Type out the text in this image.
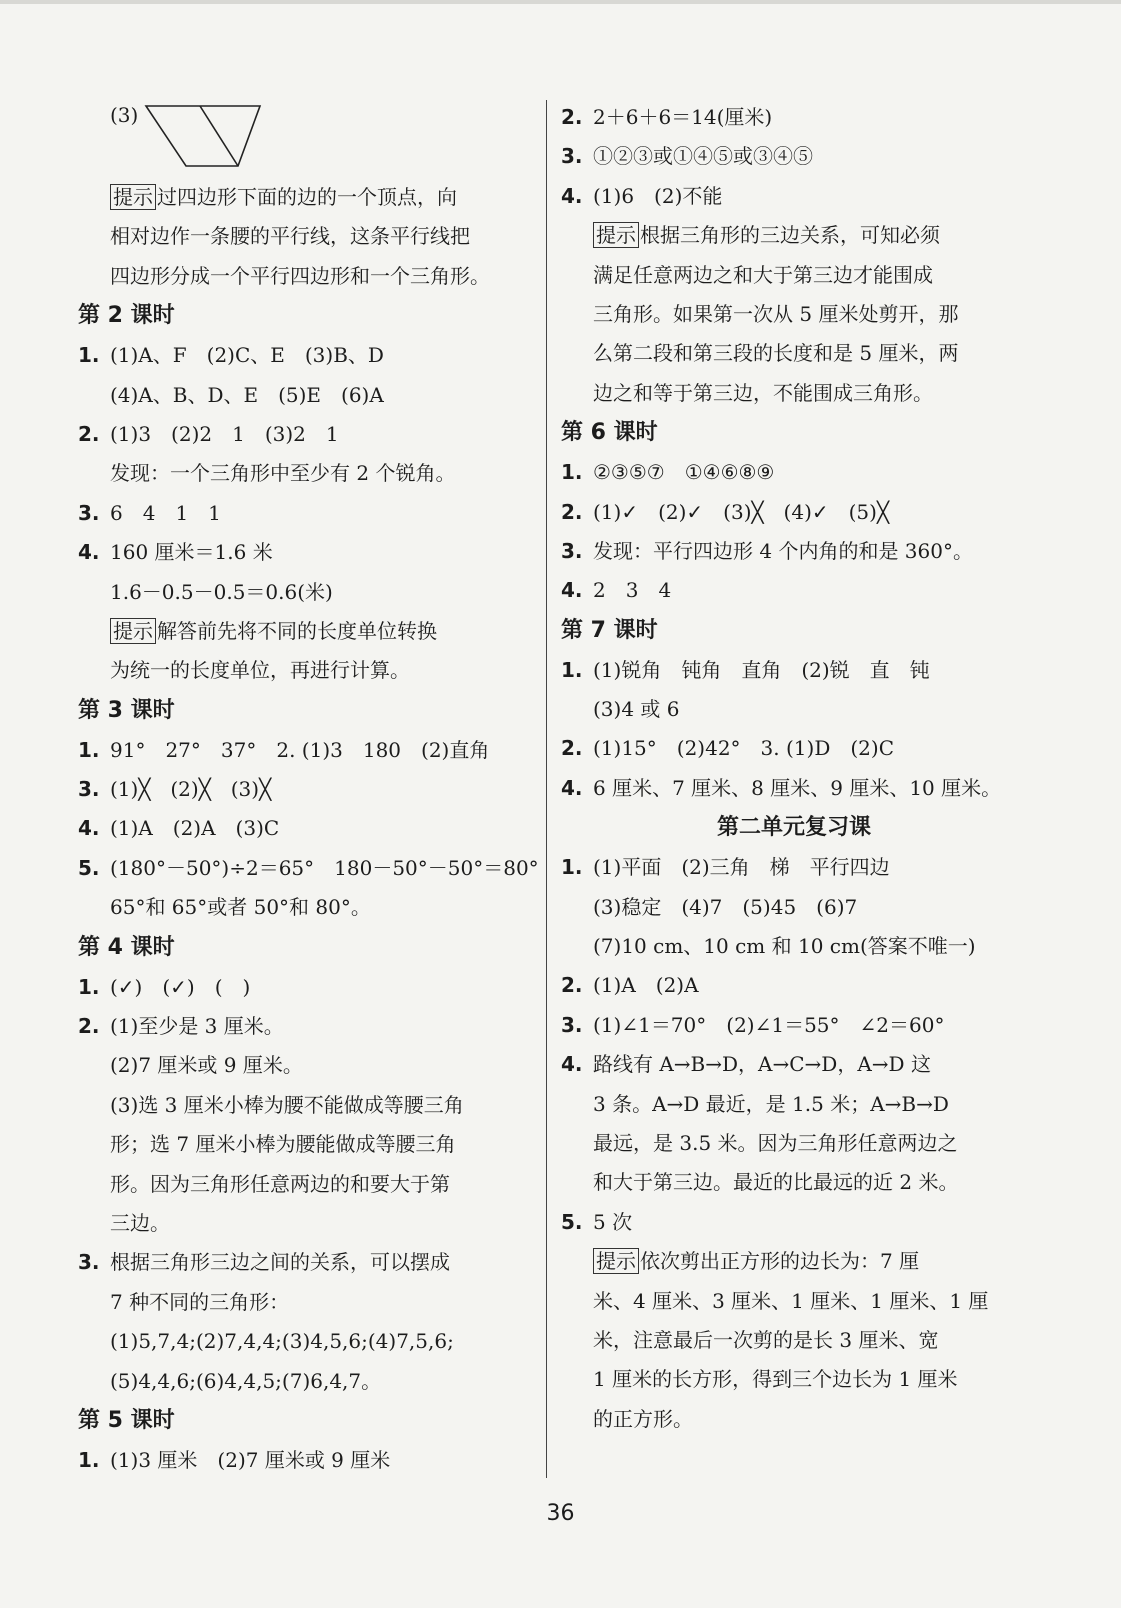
(3)
提示 过四边形下面的边的一个顶点，向
相对边作一条腰的平行线，这条平行线把
四边形分成一个平行四边形和一个三角形。
第 2 课时
1. (1)A、F　(2)C、E　(3)B、D
(4)A、B、D、E　(5)E　(6)A
2. (1)3　(2)2　1　(3)2　1
发现：一个三角形中至少有 2 个锐角。
3. 6　4　1　1
4. 160 厘米＝1.6 米
1.6－0.5－0.5＝0.6(米)
提示 解答前先将不同的长度单位转换
为统一的长度单位，再进行计算。
第 3 课时
1. 91°　27°　37°　2. (1)3　180　(2)直角
3. (1)╳　(2)╳　(3)╳
4. (1)A　(2)A　(3)C
5. (180°－50°)÷2＝65°　180－50°－50°＝80°
65°和 65°或者 50°和 80°。
第 4 课时
1. (✓)　(✓)　(　)
2. (1)至少是 3 厘米。
(2)7 厘米或 9 厘米。
(3)选 3 厘米小棒为腰不能做成等腰三角
形；选 7 厘米小棒为腰能做成等腰三角
形。因为三角形任意两边的和要大于第
三边。
3. 根据三角形三边之间的关系，可以摆成
7 种不同的三角形：
(1)5,7,4;(2)7,4,4;(3)4,5,6;(4)7,5,6;
(5)4,4,6;(6)4,4,5;(7)6,4,7。
第 5 课时
1. (1)3 厘米　(2)7 厘米或 9 厘米
2. 2＋6＋6＝14(厘米)
3. ①②③或①④⑤或③④⑤
4. (1)6　(2)不能
提示 根据三角形的三边关系，可知必须
满足任意两边之和大于第三边才能围成
三角形。如果第一次从 5 厘米处剪开，那
么第二段和第三段的长度和是 5 厘米，两
边之和等于第三边，不能围成三角形。
第 6 课时
1. ②③⑤⑦　①④⑥⑧⑨
2. (1)✓　(2)✓　(3)╳　(4)✓　(5)╳
3. 发现：平行四边形 4 个内角的和是 360°。
4. 2　3　4
第 7 课时
1. (1)锐角　钝角　直角　(2)锐　直　钝
(3)4 或 6
2. (1)15°　(2)42°　3. (1)D　(2)C
4. 6 厘米、7 厘米、8 厘米、9 厘米、10 厘米。
第二单元复习课
1. (1)平面　(2)三角　梯　平行四边
(3)稳定　(4)7　(5)45　(6)7
(7)10 cm、10 cm 和 10 cm(答案不唯一)
2. (1)A　(2)A
3. (1)∠1＝70°　(2)∠1＝55°　∠2＝60°
4. 路线有 A→B→D，A→C→D，A→D 这
3 条。A→D 最近，是 1.5 米；A→B→D
最远，是 3.5 米。因为三角形任意两边之
和大于第三边。最近的比最远的近 2 米。
5. 5 次
提示 依次剪出正方形的边长为：7 厘
米、4 厘米、3 厘米、1 厘米、1 厘米、1 厘
米，注意最后一次剪的是长 3 厘米、宽
1 厘米的长方形，得到三个边长为 1 厘米
的正方形。
36
